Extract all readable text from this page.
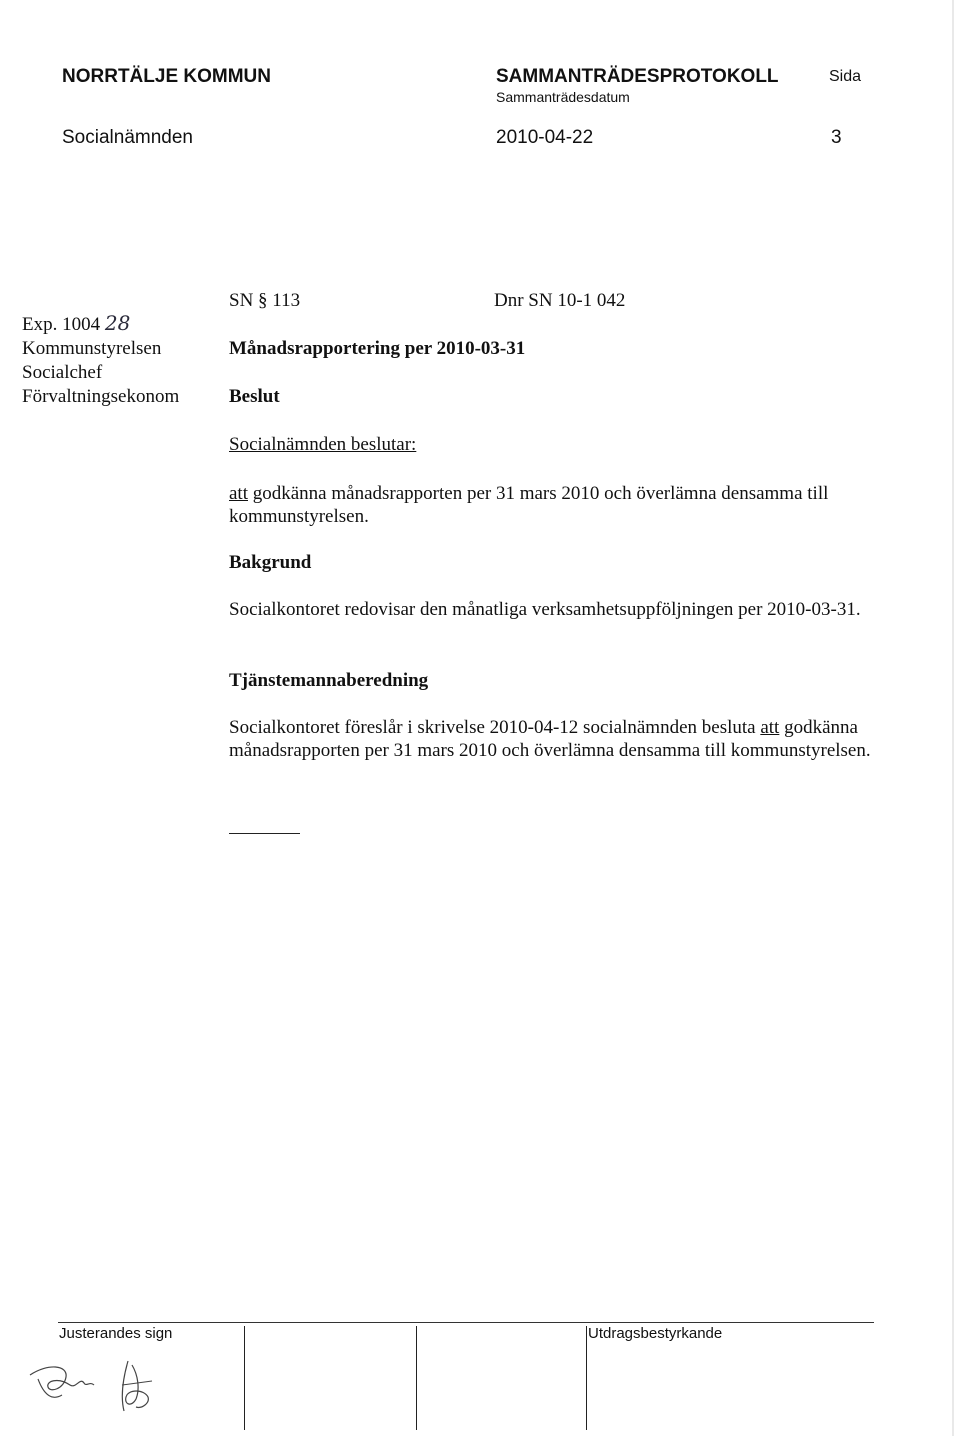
NORRTÄLJE KOMMUN	SAMMANTRÄDESPROTOKOLL
Sammanträdesdatum
Sida
Socialnämnden	2010-04-22	3
Exp. 1004 28
Kommunstyrelsen
Socialchef
Förvaltningsekonom
SN § 113	Dnr SN 10-1 042
Månadsrapportering per 2010-03-31
Beslut
Socialnämnden beslutar:
att godkänna månadsrapporten per 31 mars 2010 och överlämna densamma till kommunstyrelsen.
Bakgrund
Socialkontoret redovisar den månatliga verksamhetsuppföljningen per 2010-03-31.
Tjänstemannaberedning
Socialkontoret föreslår i skrivelse 2010-04-12 socialnämnden besluta att godkänna månadsrapporten per 31 mars 2010 och överlämna densamma till kommunstyrelsen.
Justerandes sign	Utdragsbestyrkande
